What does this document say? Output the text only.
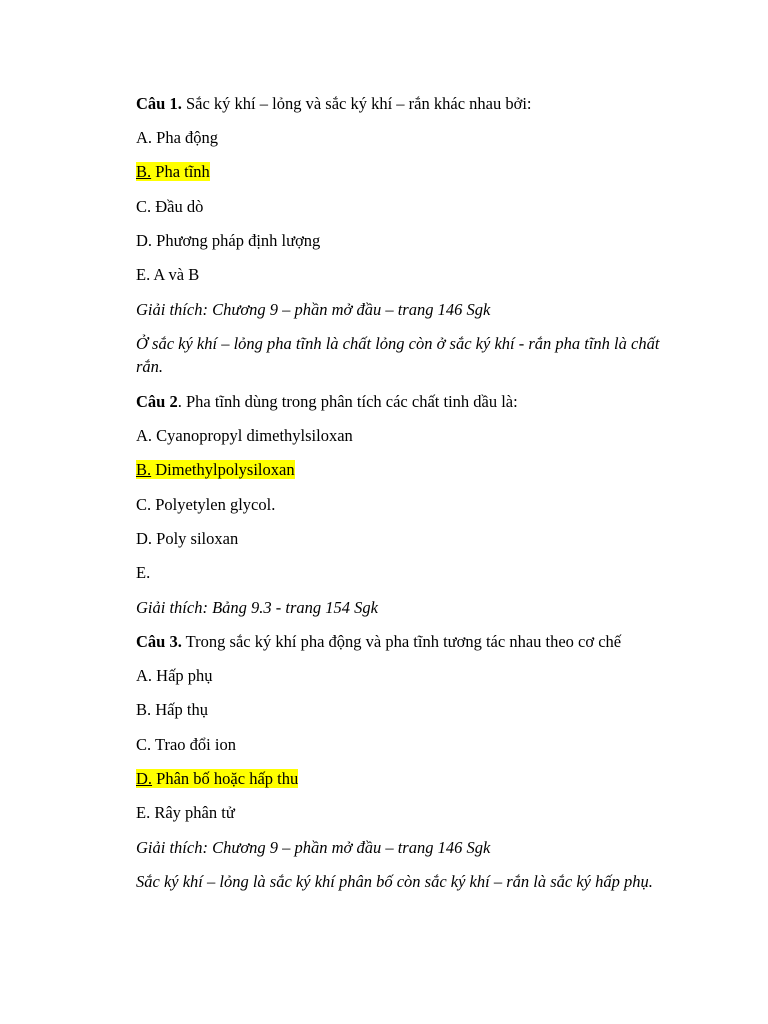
Câu 1. Sắc ký khí – lỏng và sắc ký khí – rắn khác nhau bởi:
A. Pha động
B. Pha tĩnh
C. Đầu dò
D. Phương pháp định lượng
E. A và B
Giải thích: Chương 9 – phần mở đầu – trang 146 Sgk
Ở sắc ký khí – lỏng pha tĩnh là chất lỏng còn ở sắc ký khí - rắn pha tĩnh là chất rắn.
Câu 2. Pha tĩnh dùng trong phân tích các chất tinh dầu là:
A. Cyanopropyl dimethylsiloxan
B. Dimethylpolysiloxan
C. Polyetylen glycol.
D. Poly siloxan
E.
Giải thích: Bảng 9.3 - trang 154 Sgk
Câu 3. Trong sắc ký khí pha động và pha tĩnh tương tác nhau theo cơ chế
A. Hấp phụ
B. Hấp thụ
C. Trao đổi ion
D. Phân bố hoặc hấp thu
E. Rây phân tử
Giải thích: Chương 9 – phần mở đầu – trang 146 Sgk
Sắc ký khí – lỏng là sắc ký khí phân bố còn sắc ký khí – rắn là sắc ký hấp phụ.
